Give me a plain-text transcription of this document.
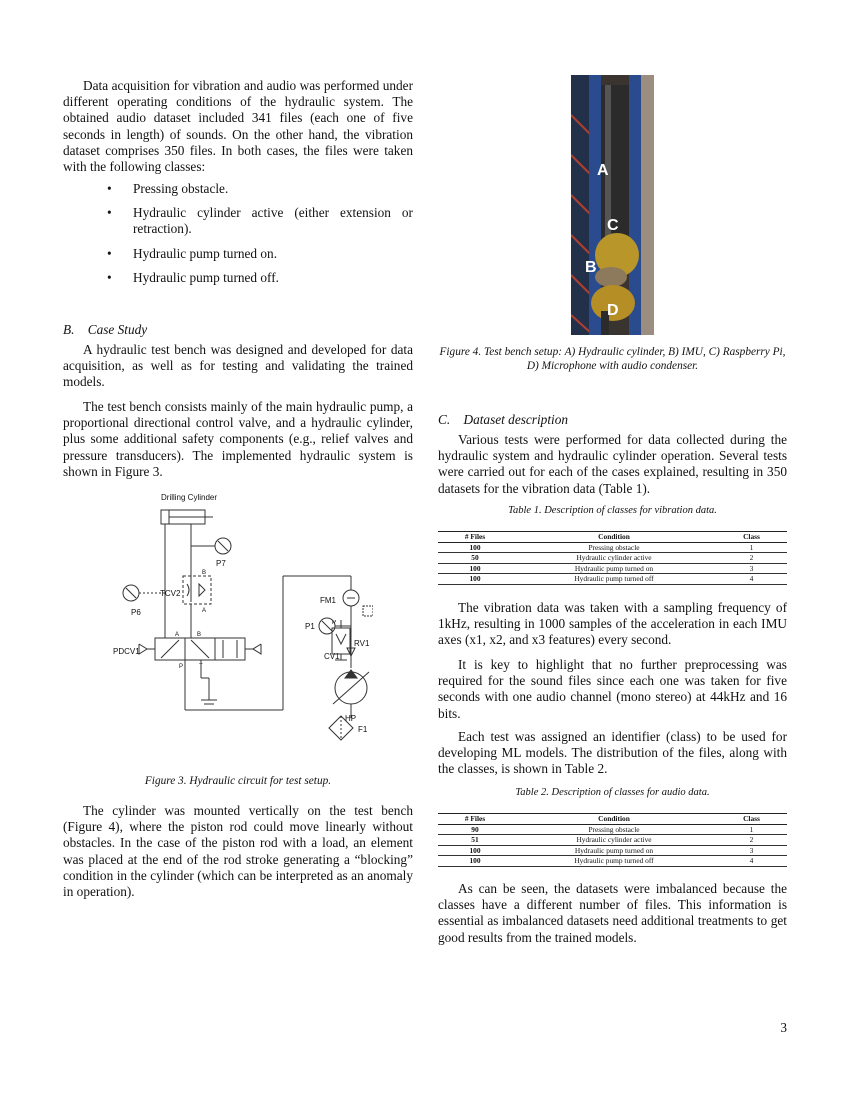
Data acquisition for vibration and audio was performed under different operating conditions of the hydraulic system. The obtained audio dataset included 341 files (each one of five seconds in length) of sounds. On the other hand, the vibration dataset comprises 350 files. In both cases, the files were taken with the following classes:

• Pressing obstacle.
• Hydraulic cylinder active (either extension or retraction).
• Hydraulic pump turned on.
• Hydraulic pump turned off.
B. Case Study

A hydraulic test bench was designed and developed for data acquisition, as well as for testing and validating the trained models.

The test bench consists mainly of the main hydraulic pump, a proportional directional control valve, and a hydraulic cylinder, plus some additional safety components (e.g., relief valves and pressure transducers). The implemented hydraulic system is shown in Figure 3.

Drilling Cylinder
P7
B
A
TCV2
P6
A	B
P	T
PDCV1
FM1
P1
CV1
HP
P
RV1
F1
Figure 3. Hydraulic circuit for test setup.

The cylinder was mounted vertically on the test bench (Figure 4), where the piston rod could move linearly without obstacles. In the case of the piston rod with a load, an element was placed at the end of the rod stroke generating a “blocking” condition in the cylinder (which can be interpreted as an anomaly in operation).

A
C
B
D
Figure 4. Test bench setup: A) Hydraulic cylinder, B) IMU, C) Raspberry Pi, D) Microphone with audio condenser.
C. Dataset description

Various tests were performed for data collected during the hydraulic system and hydraulic cylinder operation. Several tests were carried out for each of the cases explained, resulting in 350 datasets for the vibration data (Table 1).

Table 1. Description of classes for vibration data.
# Files	Condition	Class
100	Pressing obstacle	1
50	Hydraulic cylinder active	2
100	Hydraulic pump turned on	3
100	Hydraulic pump turned off	4

The vibration data was taken with a sampling frequency of 1kHz, resulting in 1000 samples of the acceleration in each IMU axes (x1, x2, and x3 features) every second.

It is key to highlight that no further preprocessing was required for the sound files since each one was taken for five seconds with one audio channel (mono stereo) at 44kHz and 16 bits.

Each test was assigned an identifier (class) to be used for developing ML models. The distribution of the files, along with the classes, is shown in Table 2.

Table 2. Description of classes for audio data.
# Files	Condition	Class
90	Pressing obstacle	1
51	Hydraulic cylinder active	2
100	Hydraulic pump turned on	3
100	Hydraulic pump turned off	4

As can be seen, the datasets were imbalanced because the classes have a different number of files. This information is essential as imbalanced datasets need additional treatments to get good results from the trained models.

3
